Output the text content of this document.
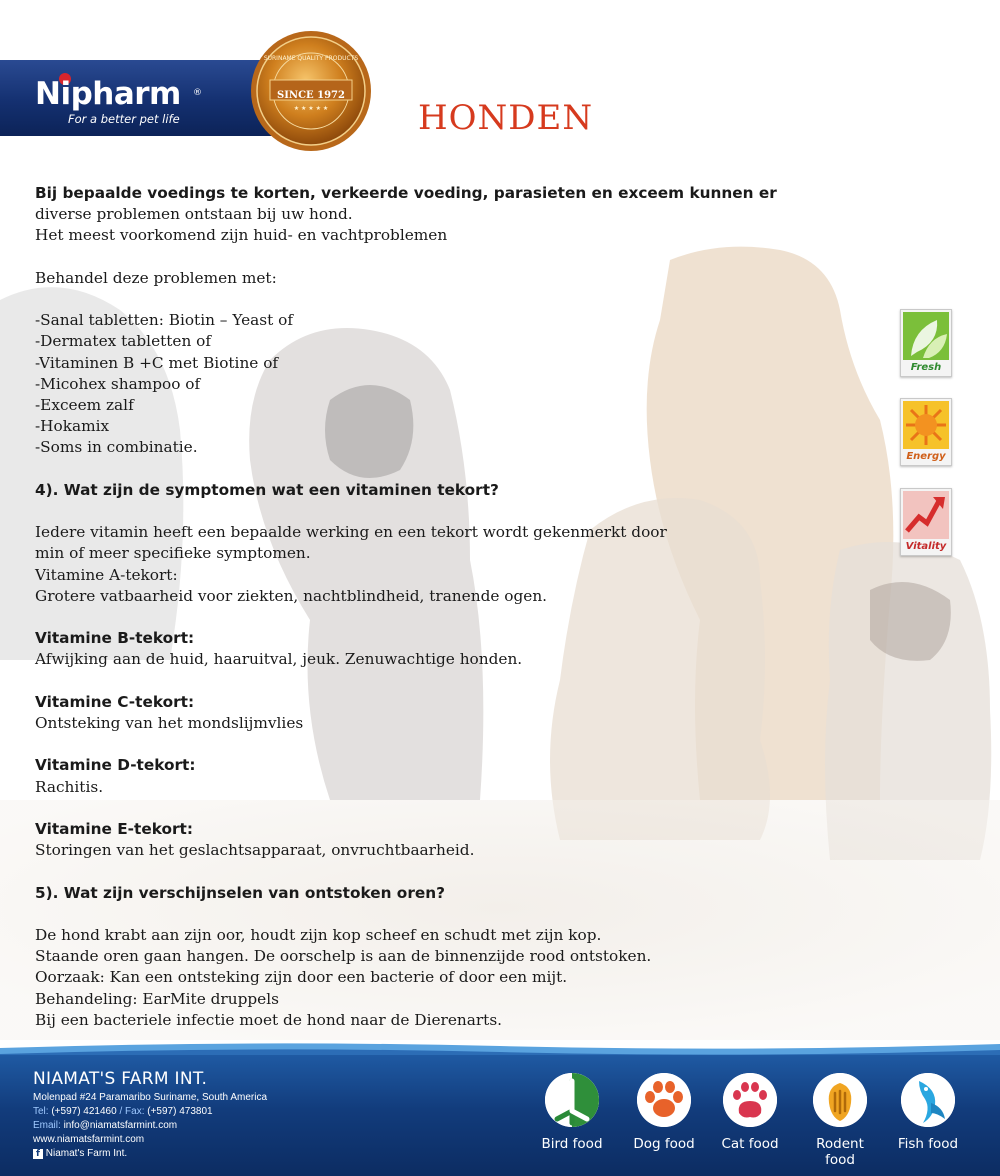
Nipharm ®
For a better pet life
SURINAME QUALITY PRODUCTS
★ ★ ★ ★ ★
SINCE 1972
HONDEN
Fresh
Energy
Vitality
Bij bepaalde voedings te korten, verkeerde voeding, parasieten en exceem kunnen er
diverse problemen ontstaan bij uw hond.
Het meest voorkomend zijn huid- en vachtproblemen
Behandel deze problemen met:
-Sanal tabletten: Biotin – Yeast of
-Dermatex tabletten of
-Vitaminen B +C met Biotine of
-Micohex shampoo of
-Exceem zalf
-Hokamix
-Soms in combinatie.
4). Wat zijn de symptomen wat een vitaminen tekort?
Iedere vitamin heeft een bepaalde werking en een tekort wordt gekenmerkt door
min of meer specifieke symptomen.
Vitamine A-tekort:
Grotere vatbaarheid voor ziekten, nachtblindheid, tranende ogen.
Vitamine B-tekort:
Afwijking aan de huid, haaruitval, jeuk. Zenuwachtige honden.
Vitamine C-tekort:
Ontsteking van het mondslijmvlies
Vitamine D-tekort:
Rachitis.
Vitamine E-tekort:
Storingen van het geslachtsapparaat, onvruchtbaarheid.
5). Wat zijn verschijnselen van ontstoken oren?
De hond krabt aan zijn oor, houdt zijn kop scheef en schudt met zijn kop.
Staande oren gaan hangen. De oorschelp is aan de binnenzijde rood ontstoken.
Oorzaak: Kan een ontsteking zijn door een bacterie of door een mijt.
Behandeling: EarMite druppels
Bij een bacteriele infectie moet de hond naar de Dierenarts.
NIAMAT'S FARM INT.
Molenpad #24 Paramaribo Suriname, South America
Tel: (+597) 421460 / Fax: (+597) 473801
Email: info@niamatsfarmint.com
www.niamatsfarmint.com
f Niamat's Farm Int.
Bird food	Dog food	Cat food	Rodent food
Fish food
